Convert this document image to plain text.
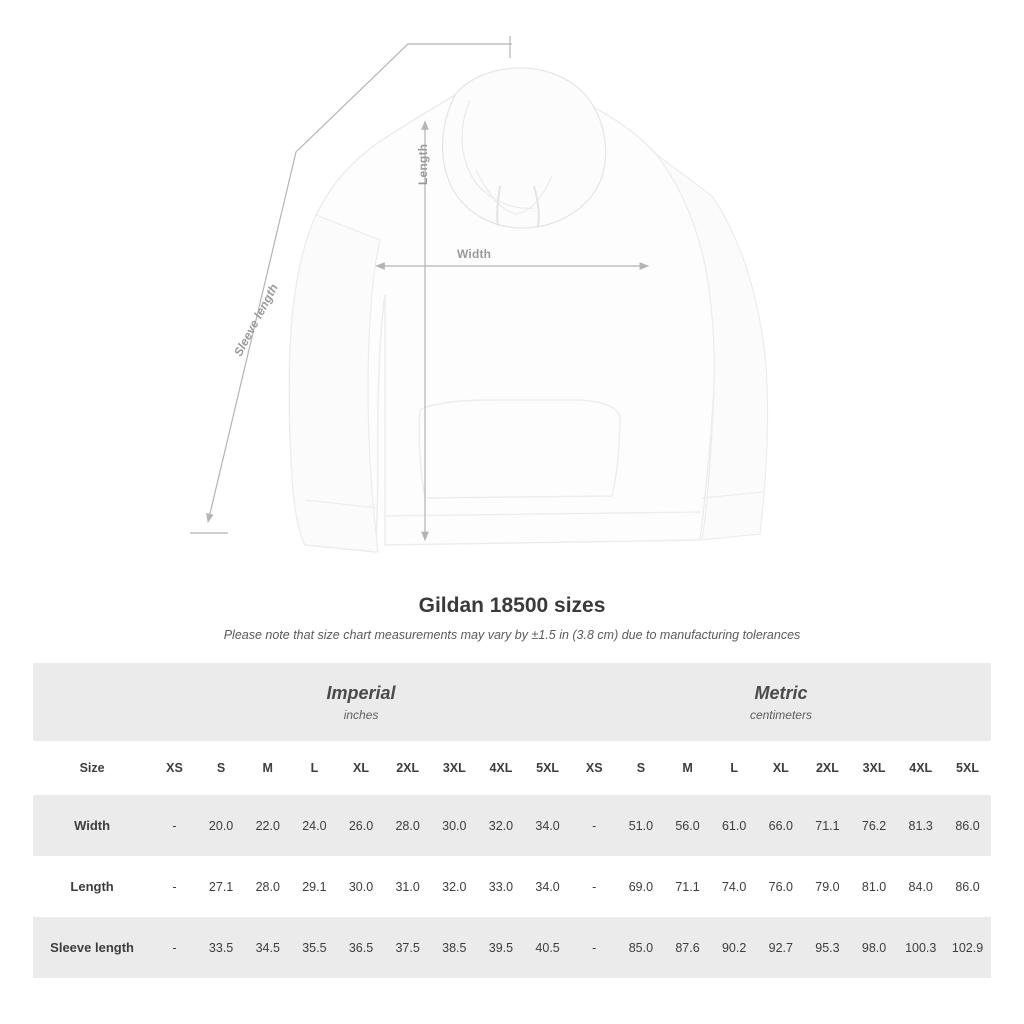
Width
Length
Sleeve length
Gildan 18500 sizes
Please note that size chart measurements may vary by ±1.5 in (3.8 cm) due to manufacturing tolerances

Imperial
inches

Metric
centimeters

Size	XS	S	M	L	XL	2XL	3XL	4XL	5XL	XS	S	M	L	XL	2XL	3XL	4XL	5XL
Width	-	20.0	22.0	24.0	26.0	28.0	30.0	32.0	34.0	-	51.0	56.0	61.0	66.0	71.1	76.2	81.3	86.0
Length	-	27.1	28.0	29.1	30.0	31.0	32.0	33.0	34.0	-	69.0	71.1	74.0	76.0	79.0	81.0	84.0	86.0
Sleeve length	-	33.5	34.5	35.5	36.5	37.5	38.5	39.5	40.5	-	85.0	87.6	90.2	92.7	95.3	98.0	100.3	102.9
